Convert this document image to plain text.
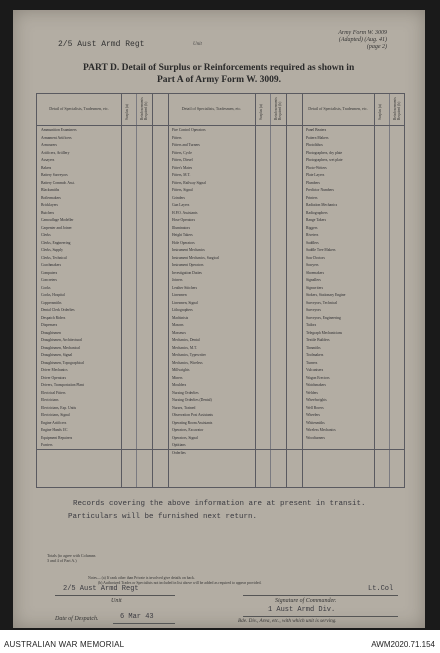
2/5 Aust Armd Regt	Unit
Army Form W. 3009
(Adapted) (Aug. 41)
(page 2)
PART D. Detail of Surplus or Reinforcements required as shown in
Part A of Army Form W. 3009.
Detail of Specialists, Tradesmen, etc.	Surplus (a)	Reinforcements Required (b)	Detail of Specialists, Tradesmen, etc.	Surplus (a)	Reinforcements Required (b)	Detail of Specialists, Tradesmen, etc.	Surplus (a)	Reinforcements Required (b)
Ammunition Examiners
Armament Artificers
Armourers
Artificers, Artillery
Assayers
Bakers
Battery Surveyors
Battery Commdr. Asst.
Blacksmiths
Boilermakers
Bricklayers
Butchers
Camouflage Modeller
Carpenter and Joiner
Clerks
Clerks, Engineering
Clerks, Supply
Clerks, Technical
Coachmakers
Computers
Concreters
Cooks
Cooks, Hospital
Coppersmiths
Dental Clerk Orderlies
Despatch Riders
Dispensers
Draughtsmen
Draughtsmen, Architectural
Draughtsmen, Mechanical
Draughtsmen, Signal
Draughtsmen, Topographical
Driver Mechanics
Driver Operators
Drivers, Transportation Plant
Electrical Fitters
Electricians
Electricians, Exp. Units
Electricians, Signal
Engine Artificers
Engine Hands I/C
Equipment Repairers
Farriers
Fire Control Operators
Fitters
Fitters and Turners
Fitters, Cycle
Fitters, Diesel
Fitter's Mates
Fitters, M.T.
Fitters, Railway Signal
Fitters, Signal
Grinders
Gun Layers
H.P.O. Assistants
Hose Operators
Illuminators
Height Takers
Hole Operators
Instrument Mechanics
Instrument Mechanics, Surgical
Instrument Operators
Investigation Duties
Joiners
Leather Stitchers
Linesmen
Linesmen, Signal
Lithographers
Machinists
Masons
Masseurs
Mechanics, Dental
Mechanics, M.T.
Mechanics, Typewriter
Mechanics, Wireless
Millwrights
Miners
Moulders
Nursing Orderlies
Nursing Orderlies (Dental)
Nurses, Trained
Observation Post Assistants
Operating Room Assistants
Operators, Excavator
Operators, Signal
Optitians
Orderlies
Panel Beaters
Pattern Makers
Photolithos
Photographers, dry plate
Photographers, wet plate
Photo-Writers
Plate Layers
Plumbers
Predictor Numbers
Printers
Radiation Mechanics
Radiographers
Range Takers
Riggers
Riveters
Saddlers
Saddle Tree Makers
Saw Doctors
Sawyers
Shoemakers
Signallers
Signwriters
Stokers, Stationary Engine
Surveyors, Technical
Surveyors
Surveyors, Engineering
Tailors
Telegraph Mechanicians
Textile Builders
Tinsmiths
Toolmakers
Turners
Vulcanisers
Wagon Erectors
Watchmakers
Welders
Wheelwrights
Well Borers
Wheelers
Whitesmiths
Wireless Mechanics
Woodturners
Records covering the above information are at present in transit.
Particulars will be furnished next return.
Totals (to agree with Columns
3 and 4 of Part A.)
Notes— (a) If rank other than Private is involved give details on back.
(b) Authorized Trades or Specialists not included in list above will be added as required to appear provided.
2/5 Aust Armd Regt
Unit
Lt.Col
Signature of Commander.
1 Aust Armd Div.
Bde. Div., Area, etc., with which unit is serving.
Date of Despatch.	6 Mar 43
AUSTRALIAN WAR MEMORIAL	AWM2020.71.154
